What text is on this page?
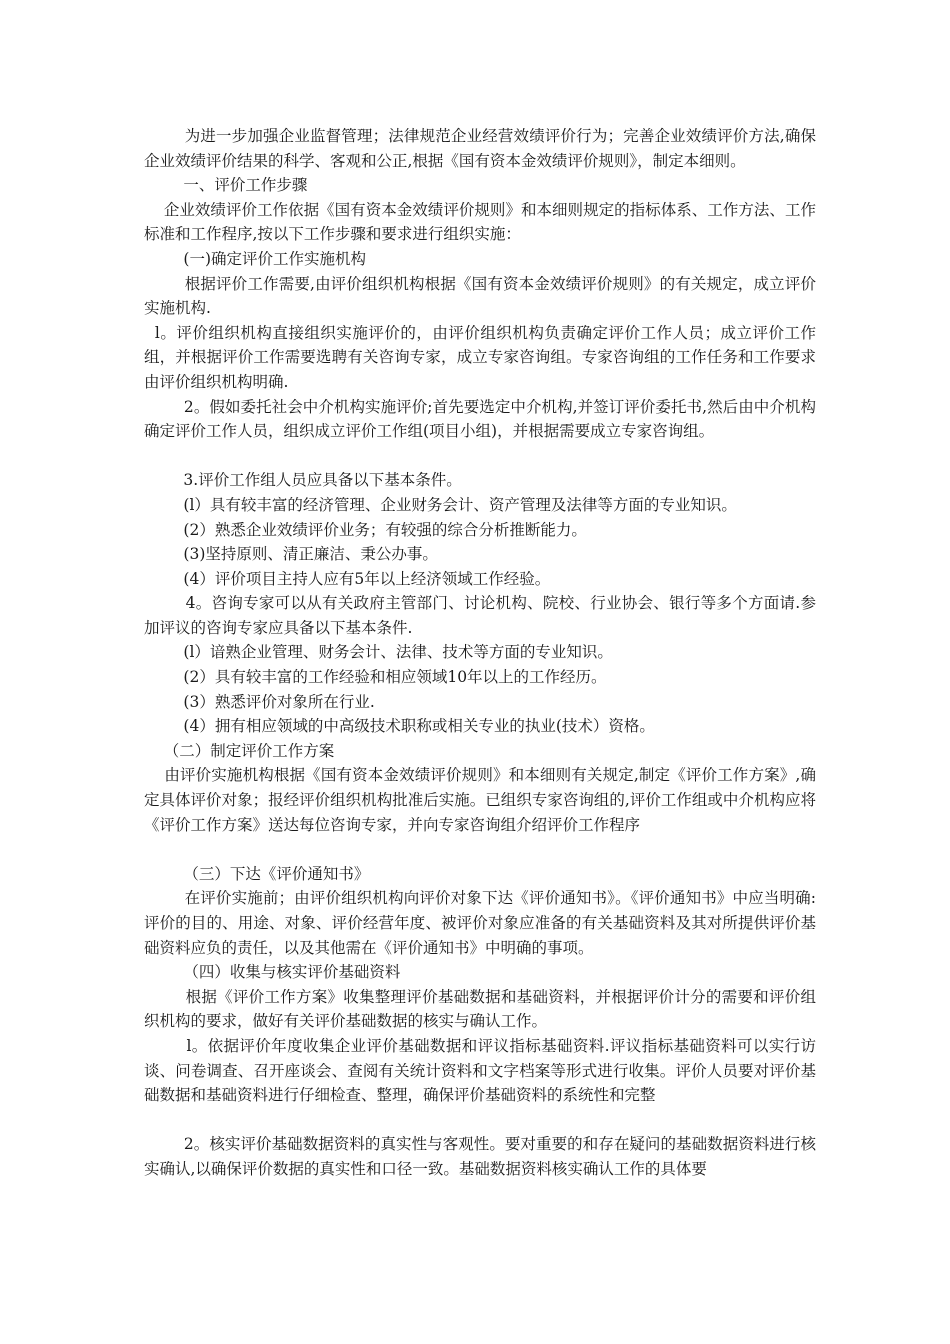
为进一步加强企业监督管理；法律规范企业经营效绩评价行为；完善企业效绩评价方法,确保企业效绩评价结果的科学、客观和公正,根据《国有资本金效绩评价规则》，制定本细则。

一、评价工作步骤

企业效绩评价工作依据《国有资本金效绩评价规则》和本细则规定的指标体系、工作方法、工作标准和工作程序,按以下工作步骤和要求进行组织实施：

(一)确定评价工作实施机构

根据评价工作需要,由评价组织机构根据《国有资本金效绩评价规则》的有关规定，成立评价实施机构.

l。评价组织机构直接组织实施评价的，由评价组织机构负责确定评价工作人员；成立评价工作组，并根据评价工作需要选聘有关咨询专家，成立专家咨询组。专家咨询组的工作任务和工作要求由评价组织机构明确.

2。假如委托社会中介机构实施评价;首先要选定中介机构,并签订评价委托书,然后由中介机构确定评价工作人员，组织成立评价工作组(项目小组)，并根据需要成立专家咨询组。

3.评价工作组人员应具备以下基本条件。

(l）具有较丰富的经济管理、企业财务会计、资产管理及法律等方面的专业知识。

(2）熟悉企业效绩评价业务；有较强的综合分析推断能力。

(3)坚持原则、清正廉洁、秉公办事。

(4）评价项目主持人应有5年以上经济领域工作经验。

4。咨询专家可以从有关政府主管部门、讨论机构、院校、行业协会、银行等多个方面请.参加评议的咨询专家应具备以下基本条件.

(l）谙熟企业管理、财务会计、法律、技术等方面的专业知识。

(2）具有较丰富的工作经验和相应领域10年以上的工作经历。

(3）熟悉评价对象所在行业.

(4）拥有相应领域的中高级技术职称或相关专业的执业(技术）资格。

（二）制定评价工作方案

由评价实施机构根据《国有资本金效绩评价规则》和本细则有关规定,制定《评价工作方案》,确定具体评价对象；报经评价组织机构批准后实施。已组织专家咨询组的,评价工作组或中介机构应将《评价工作方案》送达每位咨询专家，并向专家咨询组介绍评价工作程序

（三）下达《评价通知书》

在评价实施前；由评价组织机构向评价对象下达《评价通知书》。《评价通知书》中应当明确:评价的目的、用途、对象、评价经营年度、被评价对象应准备的有关基础资料及其对所提供评价基础资料应负的责任，以及其他需在《评价通知书》中明确的事项。

（四）收集与核实评价基础资料

根据《评价工作方案》收集整理评价基础数据和基础资料，并根据评价计分的需要和评价组织机构的要求，做好有关评价基础数据的核实与确认工作。

l。依据评价年度收集企业评价基础数据和评议指标基础资料.评议指标基础资料可以实行访谈、问卷调查、召开座谈会、查阅有关统计资料和文字档案等形式进行收集。评价人员要对评价基础数据和基础资料进行仔细检查、整理，确保评价基础资料的系统性和完整

2。核实评价基础数据资料的真实性与客观性。要对重要的和存在疑问的基础数据资料进行核实确认,以确保评价数据的真实性和口径一致。基础数据资料核实确认工作的具体要
